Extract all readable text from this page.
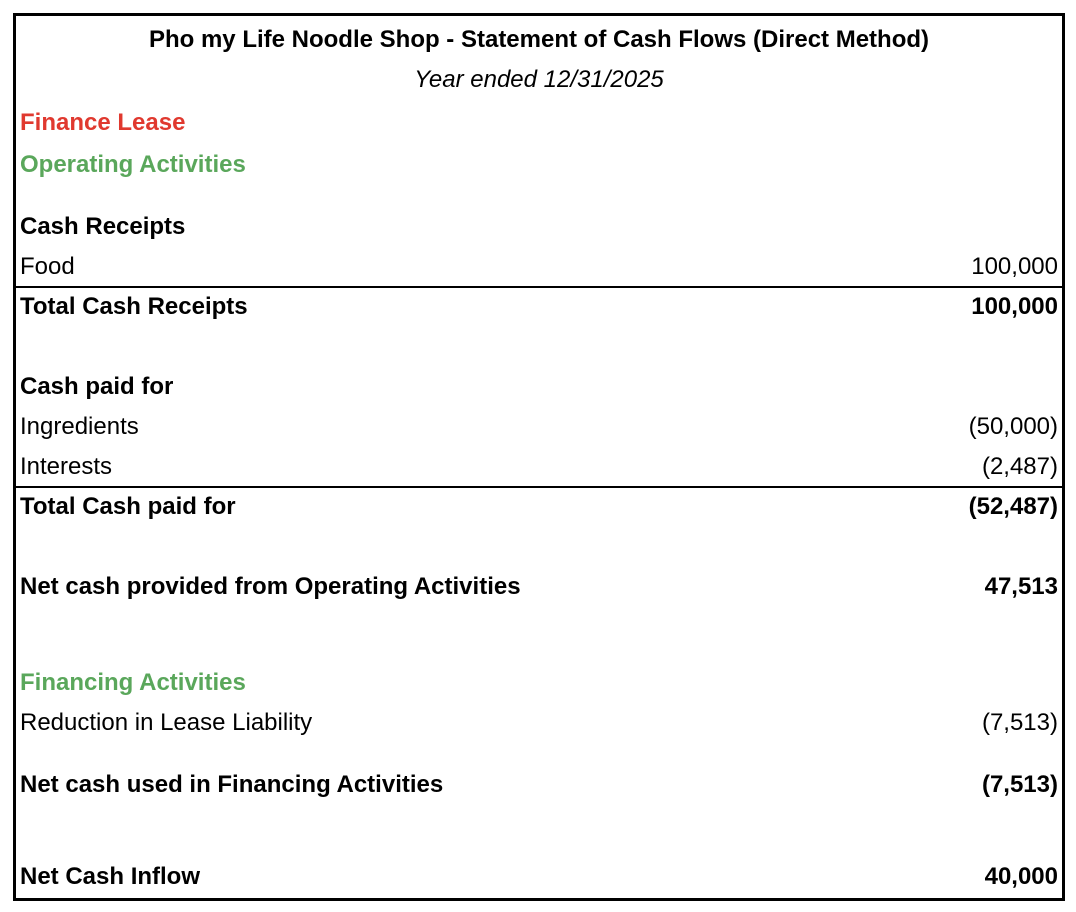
Pho my Life Noodle Shop - Statement of Cash Flows (Direct Method)
Year ended 12/31/2025
Finance Lease
Operating Activities
Cash Receipts
Food	100,000
Total Cash Receipts	100,000
Cash paid for
Ingredients	(50,000)
Interests	(2,487)
Total Cash paid for	(52,487)
Net cash provided from Operating Activities	47,513
Financing Activities
Reduction in Lease Liability	(7,513)
Net cash used in Financing Activities	(7,513)
Net Cash Inflow	40,000
